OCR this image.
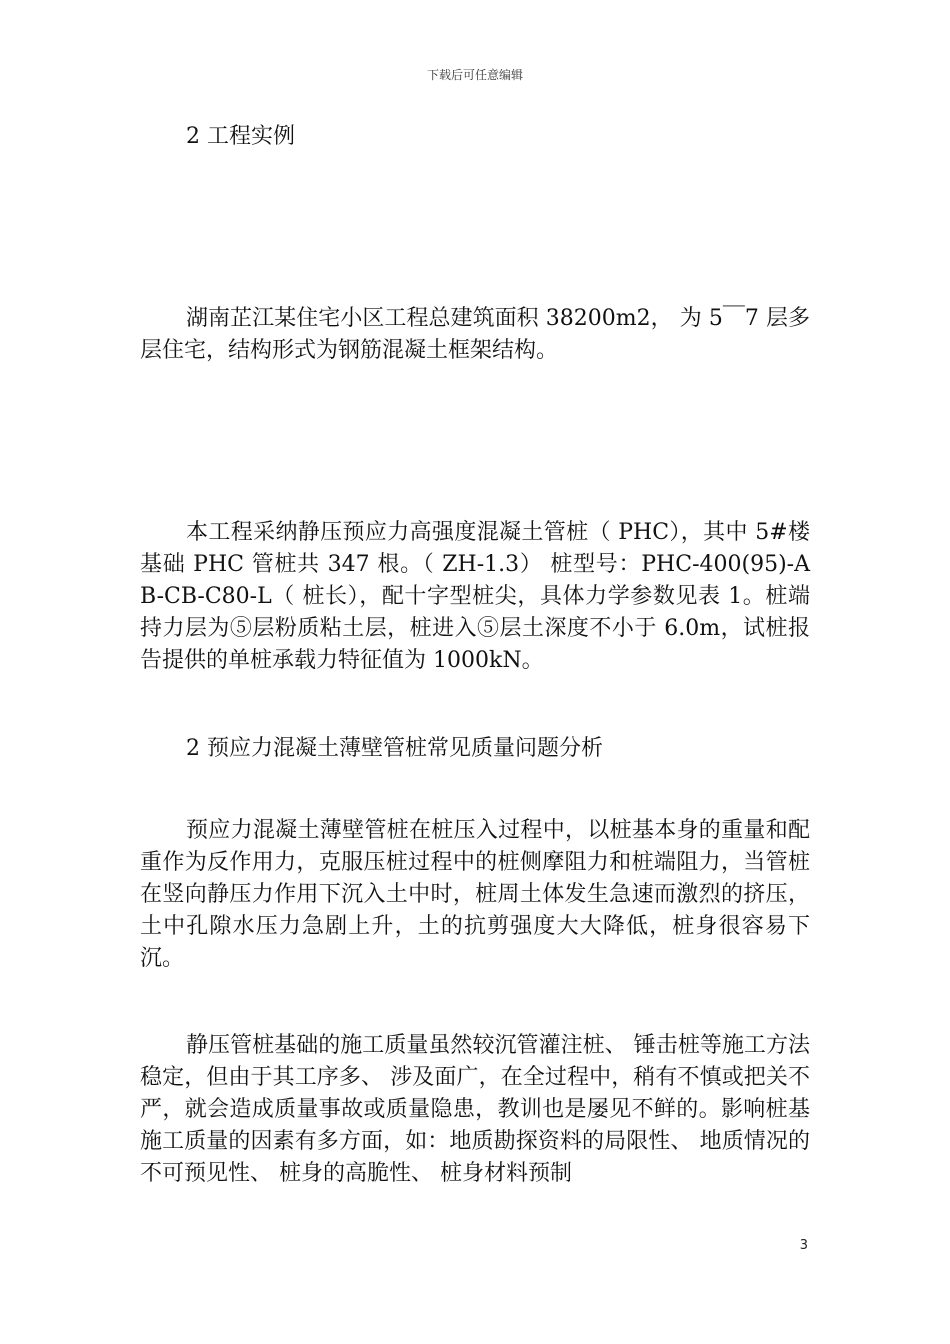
下载后可任意编辑
2 工程实例
湖南芷江某住宅小区工程总建筑面积 38200m2， 为 5￣7 层多层住宅，结构形式为钢筋混凝土框架结构。
本工程采纳静压预应力高强度混凝土管桩（ PHC），其中 5#楼基础 PHC 管桩共 347 根。（ ZH-1.3） 桩型号：PHC-400(95)-AB-CB-C80-L（ 桩长），配十字型桩尖，具体力学参数见表 1。桩端持力层为⑤层粉质粘土层，桩进入⑤层土深度不小于 6.0m，试桩报告提供的单桩承载力特征值为 1000kN。
2 预应力混凝土薄壁管桩常见质量问题分析
预应力混凝土薄壁管桩在桩压入过程中，以桩基本身的重量和配重作为反作用力，克服压桩过程中的桩侧摩阻力和桩端阻力，当管桩在竖向静压力作用下沉入土中时，桩周土体发生急速而激烈的挤压，土中孔隙水压力急剧上升，土的抗剪强度大大降低，桩身很容易下沉。
静压管桩基础的施工质量虽然较沉管灌注桩、 锤击桩等施工方法稳定，但由于其工序多、 涉及面广，在全过程中，稍有不慎或把关不严，就会造成质量事故或质量隐患，教训也是屡见不鲜的。影响桩基施工质量的因素有多方面，如：地质勘探资料的局限性、 地质情况的不可预见性、 桩身的高脆性、 桩身材料预制
3
